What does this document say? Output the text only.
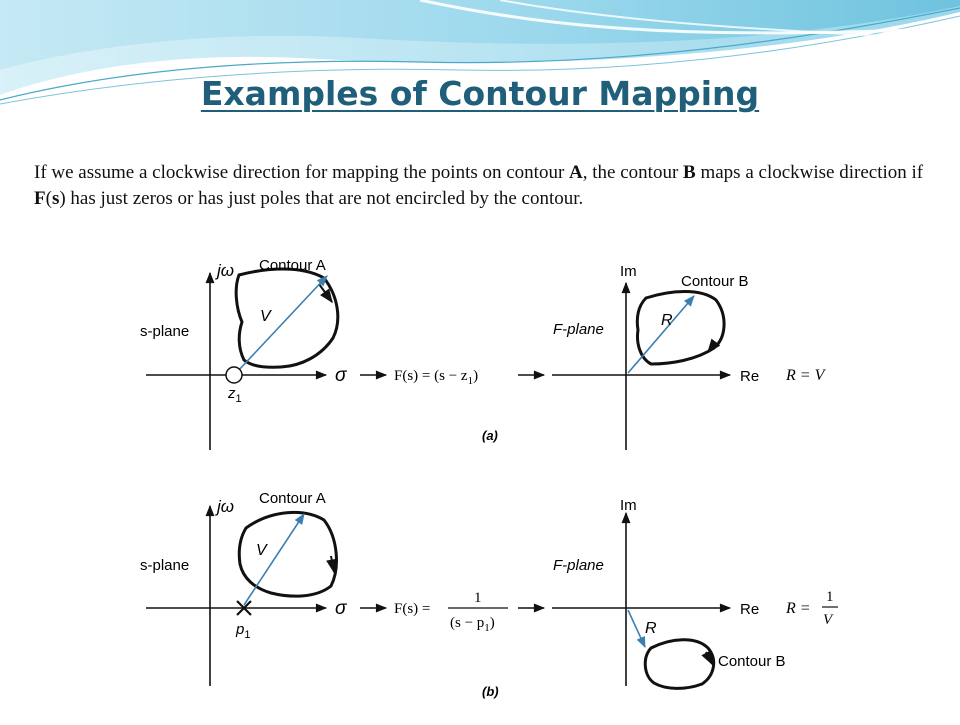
Examples of Contour Mapping

If we assume a clockwise direction for mapping the points on contour A, the contour B maps a clockwise direction if F(s) has just zeros or has just poles that are not encircled by the contour.

jω
σ
s-plane
Contour A
V
$z_1$
$F(s) = (s - z_1)$
Im
Re
F-plane
Contour B
R
R = V
(a)
jω
σ
s-plane
Contour A
V
$p_1$
F(s) =
1
$(s - p_1)$
Im
Re
F-plane
Contour B
R
R =
1
V
(b)
